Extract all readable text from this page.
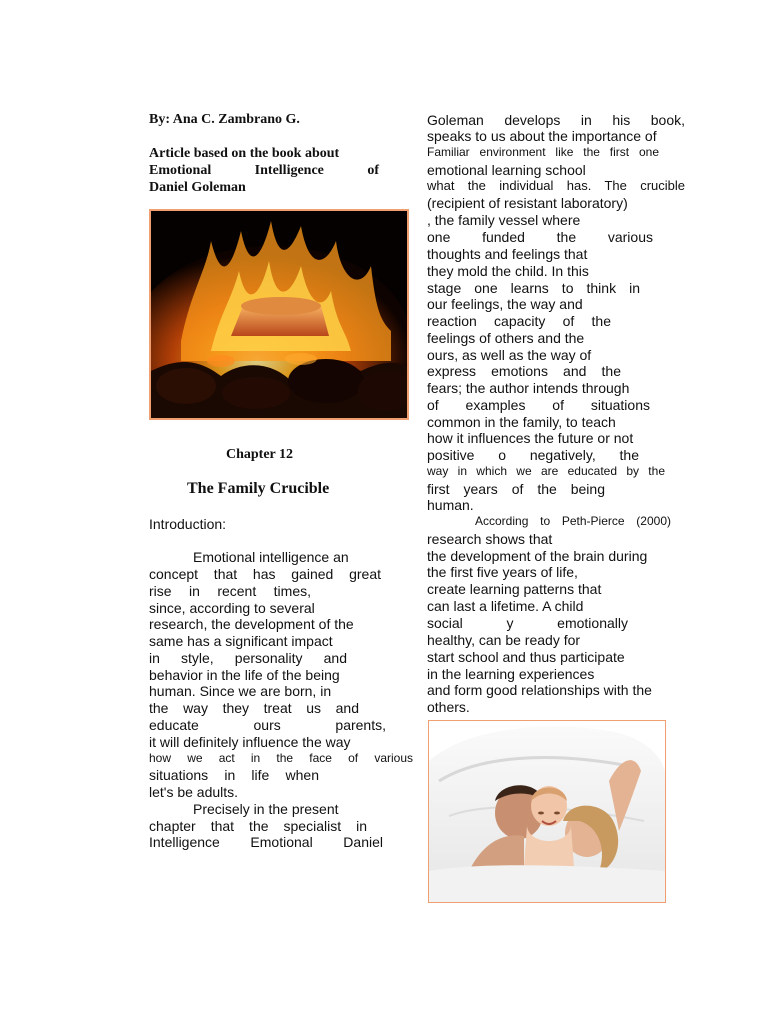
By: Ana C. Zambrano G.
Article based on the book about
Emotional Intelligence of
Daniel Goleman
Chapter 12
The Family Crucible
Introduction:
Emotional intelligence an
concept that has gained great
rise in recent times,
since, according to several
research, the development of the
same has a significant impact
in style, personality and
behavior in the life of the being
human. Since we are born, in
the way they treat us and
educate ours parents,
it will definitely influence the way
how we act in the face of various
situations in life when
let's be adults.
Precisely in the present
chapter that the specialist in
Intelligence Emotional Daniel
Goleman develops in his book,
speaks to us about the importance of
Familiar environment like the first one
emotional learning school
what the individual has. The crucible
(recipient of resistant laboratory)
, the family vessel where
one funded the various
thoughts and feelings that
they mold the child. In this
stage one learns to think in
our feelings, the way and
reaction capacity of the
feelings of others and the
ours, as well as the way of
express emotions and the
fears; the author intends through
of examples of situations
common in the family, to teach
how it influences the future or not
positive o negatively, the
way in which we are educated by the
first years of the being
human.
According to Peth-Pierce (2000)
research shows that
the development of the brain during
the first five years of life,
create learning patterns that
can last a lifetime. A child
social y emotionally
healthy, can be ready for
start school and thus participate
in the learning experiences
and form good relationships with the
others.
